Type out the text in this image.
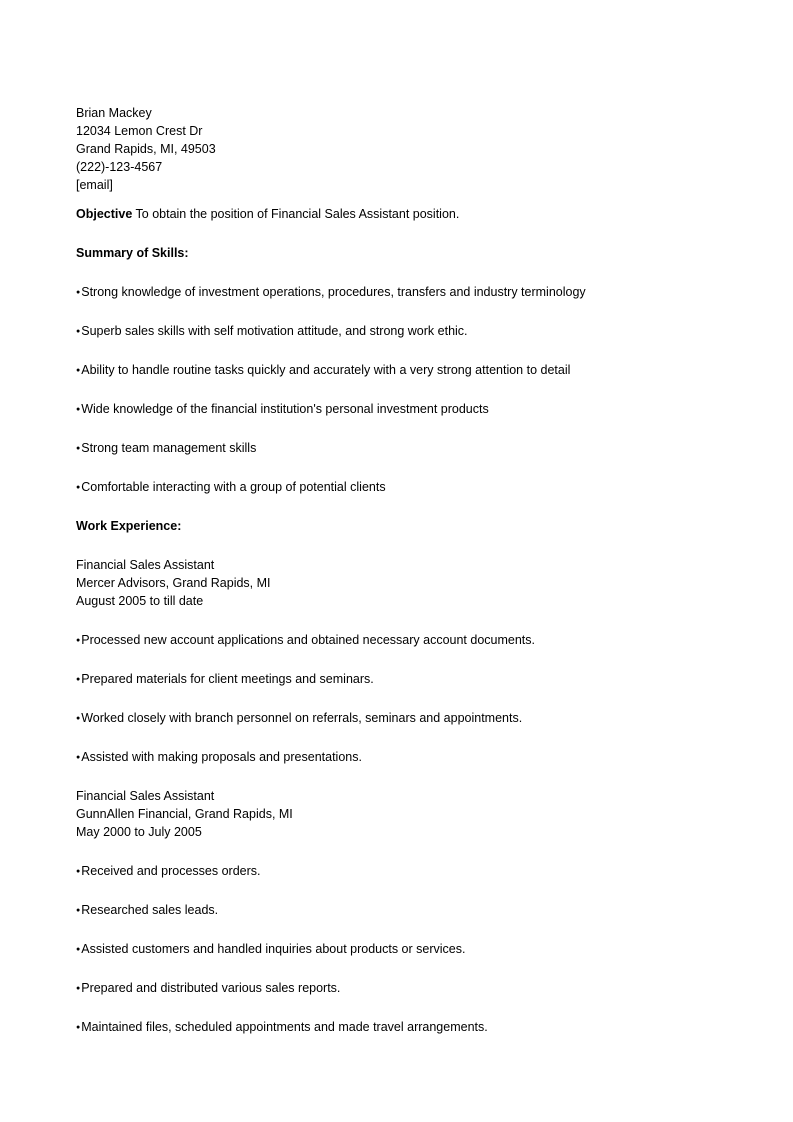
Brian Mackey
12034 Lemon Crest Dr
Grand Rapids, MI, 49503
(222)-123-4567
[email]
Objective To obtain the position of Financial Sales Assistant position.
Summary of Skills:
● Strong knowledge of investment operations, procedures, transfers and industry terminology
● Superb sales skills with self motivation attitude, and strong work ethic.
● Ability to handle routine tasks quickly and accurately with a very strong attention to detail
● Wide knowledge of the financial institution's personal investment products
● Strong team management skills
● Comfortable interacting with a group of potential clients
Work Experience:
Financial Sales Assistant
Mercer Advisors, Grand Rapids, MI
August 2005 to till date
● Processed new account applications and obtained necessary account documents.
● Prepared materials for client meetings and seminars.
● Worked closely with branch personnel on referrals, seminars and appointments.
● Assisted with making proposals and presentations.
Financial Sales Assistant
GunnAllen Financial, Grand Rapids, MI
May 2000 to July 2005
● Received and processes orders.
● Researched sales leads.
● Assisted customers and handled inquiries about products or services.
● Prepared and distributed various sales reports.
● Maintained files, scheduled appointments and made travel arrangements.
